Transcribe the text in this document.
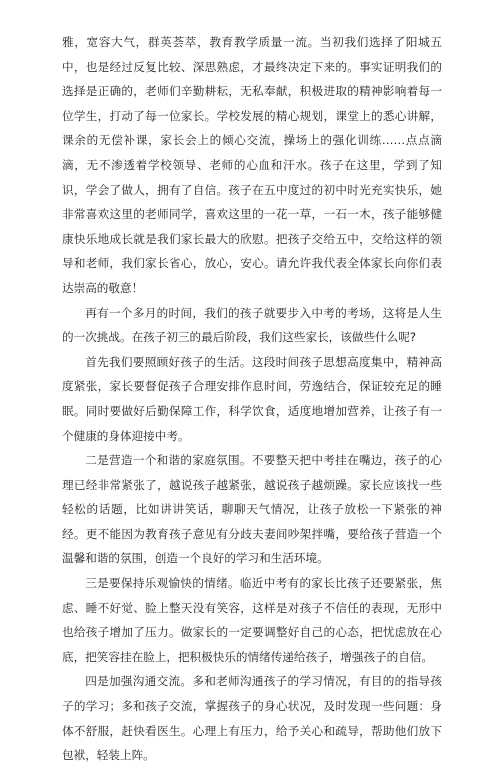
雅，宽容大气，群英荟萃，教育教学质量一流。当初我们选择了阳城五中，也是经过反复比较、深思熟虑，才最终决定下来的。事实证明我们的选择是正确的，老师们辛勤耕耘，无私奉献，积极进取的精神影响着每一位学生，打动了每一位家长。学校发展的精心规划，课堂上的悉心讲解，课余的无偿补课，家长会上的倾心交流，操场上的强化训练……点点滴滴，无不渗透着学校领导、老师的心血和汗水。孩子在这里，学到了知识，学会了做人，拥有了自信。孩子在五中度过的初中时光充实快乐，她非常喜欢这里的老师同学，喜欢这里的一花一草，一石一木，孩子能够健康快乐地成长就是我们家长最大的欣慰。把孩子交给五中，交给这样的领导和老师，我们家长省心，放心，安心。请允许我代表全体家长向你们表达崇高的敬意！

再有一个多月的时间，我们的孩子就要步入中考的考场，这将是人生的一次挑战。在孩子初三的最后阶段，我们这些家长，该做些什么呢?

首先我们要照顾好孩子的生活。这段时间孩子思想高度集中，精神高度紧张，家长要督促孩子合理安排作息时间，劳逸结合，保证较充足的睡眠。同时要做好后勤保障工作，科学饮食，适度地增加营养，让孩子有一个健康的身体迎接中考。

二是营造一个和谐的家庭氛围。不要整天把中考挂在嘴边，孩子的心理已经非常紧张了，越说孩子越紧张，越说孩子越烦躁。家长应该找一些轻松的话题，比如讲讲笑话，聊聊天气情况，让孩子放松一下紧张的神经。更不能因为教育孩子意见有分歧夫妻间吵架拌嘴，要给孩子营造一个温馨和谐的氛围，创造一个良好的学习和生活环境。

三是要保持乐观愉快的情绪。临近中考有的家长比孩子还要紧张，焦虑、睡不好觉、脸上整天没有笑容，这样是对孩子不信任的表现，无形中也给孩子增加了压力。做家长的一定要调整好自己的心态，把忧虑放在心底，把笑容挂在脸上，把积极快乐的情绪传递给孩子，增强孩子的自信。

四是加强沟通交流。多和老师沟通孩子的学习情况，有目的的指导孩子的学习；多和孩子交流，掌握孩子的身心状况，及时发现一些问题：身体不舒服，赶快看医生。心理上有压力，给予关心和疏导，帮助他们放下包袱，轻装上阵。
